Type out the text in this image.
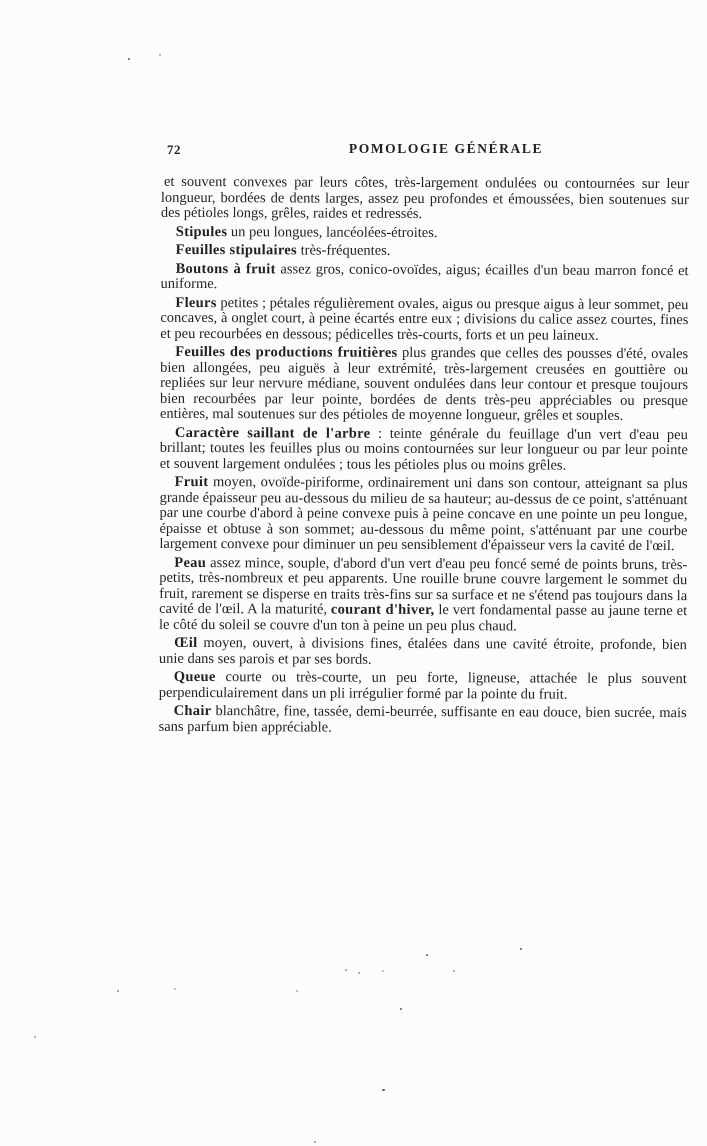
72	POMOLOGIE GÉNÉRALE

et souvent convexes par leurs côtes, très-largement ondulées ou contournées sur leur longueur, bordées de dents larges, assez peu profondes et émoussées, bien soutenues sur des pétioles longs, grêles, raides et redressés.

Stipules un peu longues, lancéolées-étroites.

Feuilles stipulaires très-fréquentes.

Boutons à fruit assez gros, conico-ovoïdes, aigus; écailles d'un beau marron foncé et uniforme.

Fleurs petites ; pétales régulièrement ovales, aigus ou presque aigus à leur sommet, peu concaves, à onglet court, à peine écartés entre eux ; divisions du calice assez courtes, fines et peu recourbées en dessous; pédicelles très-courts, forts et un peu laineux.

Feuilles des productions fruitières plus grandes que celles des pousses d'été, ovales bien allongées, peu aiguës à leur extrémité, très-largement creusées en gouttière ou repliées sur leur nervure médiane, souvent ondulées dans leur contour et presque toujours bien recourbées par leur pointe, bordées de dents très-peu appréciables ou presque entières, mal soutenues sur des pétioles de moyenne longueur, grêles et souples.

Caractère saillant de l'arbre : teinte générale du feuillage d'un vert d'eau peu brillant; toutes les feuilles plus ou moins contournées sur leur longueur ou par leur pointe et souvent largement ondulées ; tous les pétioles plus ou moins grêles.

Fruit moyen, ovoïde-piriforme, ordinairement uni dans son contour, atteignant sa plus grande épaisseur peu au-dessous du milieu de sa hauteur; au-dessus de ce point, s'atténuant par une courbe d'abord à peine convexe puis à peine concave en une pointe un peu longue, épaisse et obtuse à son sommet; au-dessous du même point, s'atténuant par une courbe largement convexe pour diminuer un peu sensiblement d'épaisseur vers la cavité de l'œil.

Peau assez mince, souple, d'abord d'un vert d'eau peu foncé semé de points bruns, très-petits, très-nombreux et peu apparents. Une rouille brune couvre largement le sommet du fruit, rarement se disperse en traits très-fins sur sa surface et ne s'étend pas toujours dans la cavité de l'œil. A la maturité, courant d'hiver, le vert fondamental passe au jaune terne et le côté du soleil se couvre d'un ton à peine un peu plus chaud.

Œil moyen, ouvert, à divisions fines, étalées dans une cavité étroite, profonde, bien unie dans ses parois et par ses bords.

Queue courte ou très-courte, un peu forte, ligneuse, attachée le plus souvent perpendiculairement dans un pli irrégulier formé par la pointe du fruit.

Chair blanchâtre, fine, tassée, demi-beurrée, suffisante en eau douce, bien sucrée, mais sans parfum bien appréciable.
